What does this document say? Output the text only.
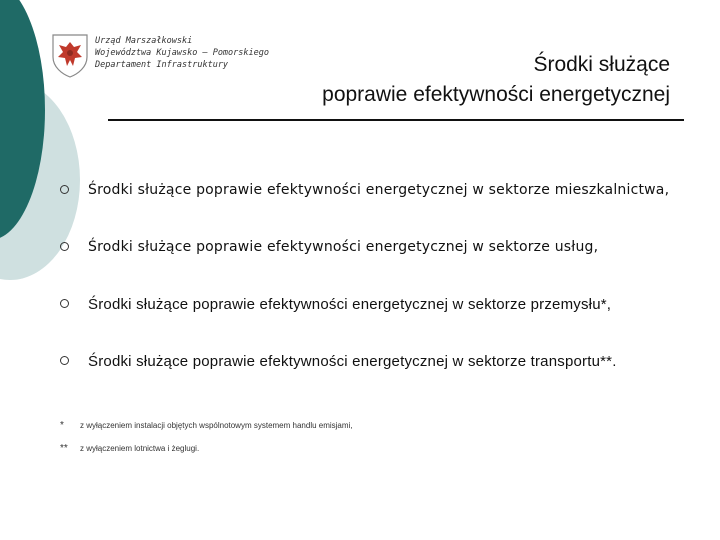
Urząd Marszałkowski
Województwa Kujawsko – Pomorskiego
Departament Infrastruktury	Środki służące
poprawie efektywności energetycznej
Środki służące poprawie efektywności energetycznej w sektorze mieszkalnictwa,
Środki służące poprawie efektywności energetycznej w sektorze usług,
Środki służące poprawie efektywności energetycznej w sektorze przemysłu*,
Środki służące poprawie efektywności energetycznej w sektorze transportu**.
* z wyłączeniem instalacji objętych wspólnotowym systemem handlu emisjami,
** z wyłączeniem lotnictwa i żeglugi.
